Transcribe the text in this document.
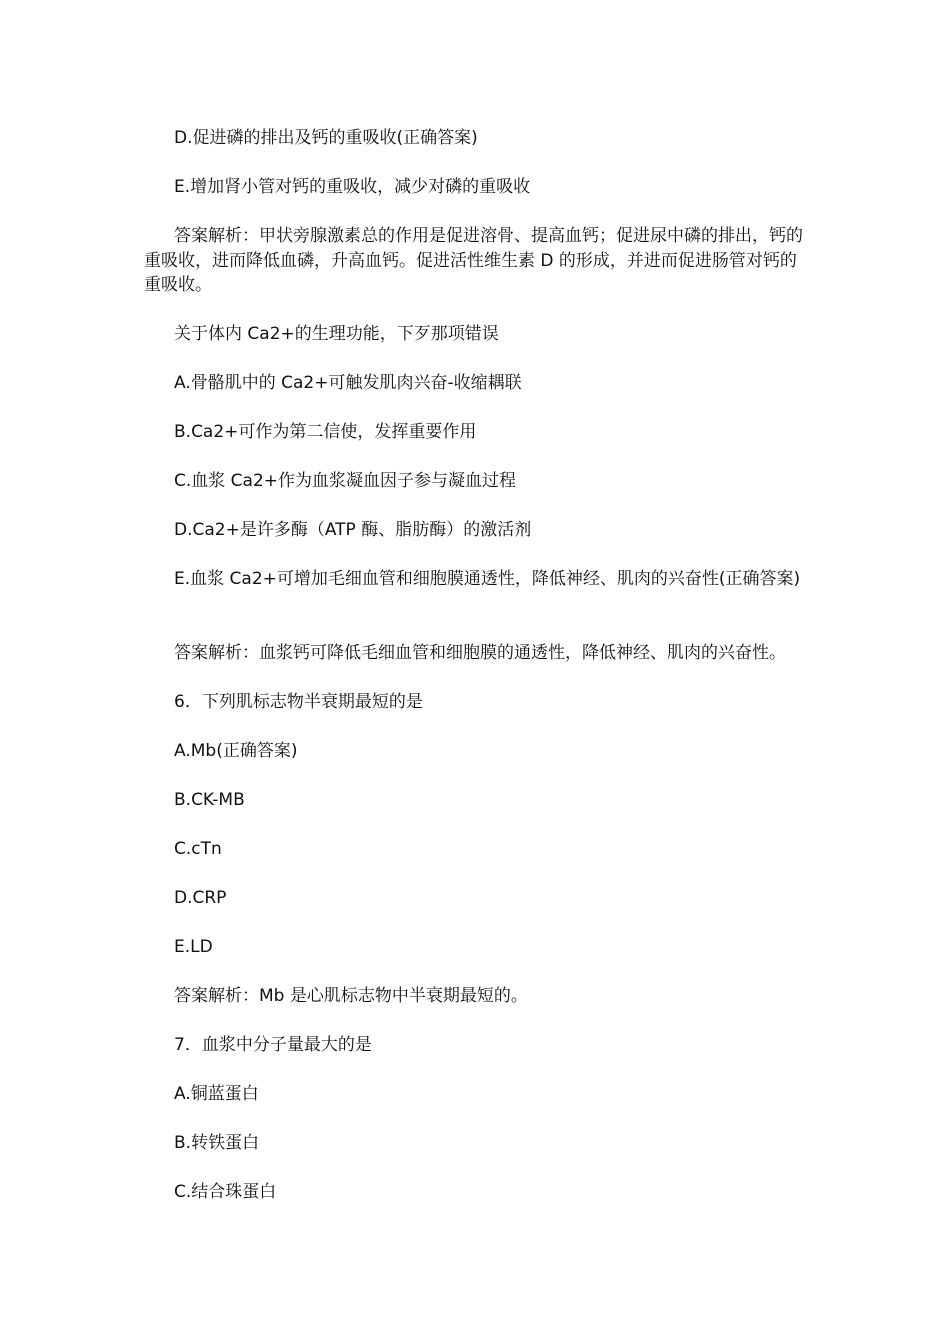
D.促进磷的排出及钙的重吸收(正确答案)

E.增加肾小管对钙的重吸收，减少对磷的重吸收

答案解析：甲状旁腺激素总的作用是促进溶骨、提高血钙；促进尿中磷的排出，钙的重吸收，进而降低血磷，升高血钙。促进活性维生素 D 的形成，并进而促进肠管对钙的重吸收。

关于体内 Ca2+的生理功能，下歹那项错误

A.骨骼肌中的 Ca2+可触发肌肉兴奋-收缩耦联

B.Ca2+可作为第二信使，发挥重要作用

C.血浆 Ca2+作为血浆凝血因子参与凝血过程

D.Ca2+是许多酶（ATP 酶、脂肪酶）的激活剂

E.血浆 Ca2+可增加毛细血管和细胞膜通透性，降低神经、肌肉的兴奋性(正确答案)

答案解析：血浆钙可降低毛细血管和细胞膜的通透性，降低神经、肌肉的兴奋性。

6．下列肌标志物半衰期最短的是

A.Mb(正确答案)

B.CK-MB

C.cTn

D.CRP

E.LD

答案解析：Mb 是心肌标志物中半衰期最短的。

7．血浆中分子量最大的是

A.铜蓝蛋白

B.转铁蛋白

C.结合珠蛋白
